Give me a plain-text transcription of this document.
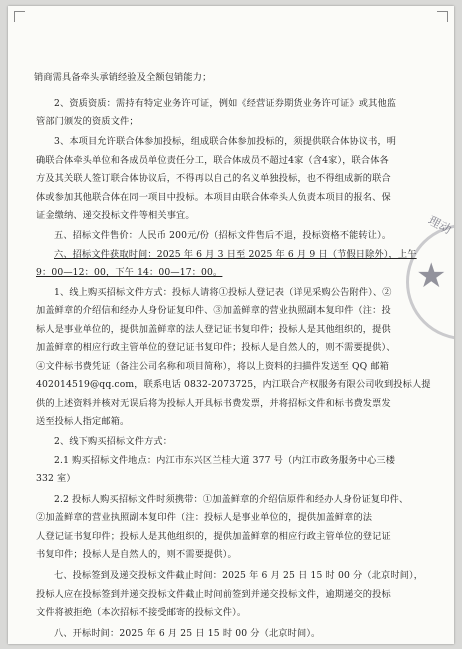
★
理动
销商需具备牵头承销经验及全额包销能力；
2、资质资质：需持有特定业务许可证，例如《经营证券期货业务许可证》或其他监
管部门颁发的资质文件；
3、本项目允许联合体参加投标，组成联合体参加投标的，须提供联合体协议书，明
确联合体牵头单位和各成员单位责任分工，联合体成员不超过4家（含4家），联合体各
方及其关联人签订联合体协议后，不得再以自己的名义单独投标，也不得组成新的联合
体或参加其他联合体在同一项目中投标。本项目由联合体牵头人负责本项目的报名、保
证金缴纳、递交投标文件等相关事宜。
五、招标文件售价：人民币 200元/份（招标文件售后不退，投标资格不能转让）。
六、招标文件获取时间：2025 年 6 月 3 日至 2025 年 6 月 9 日（节假日除外），上午
9：00—12：00，下午 14：00—17：00。
1、线上购买招标文件方式：投标人请将①投标人登记表（详见采购公告附件）、②
加盖鲜章的介绍信和经办人身份证复印件、③加盖鲜章的营业执照副本复印件（注：投
标人是事业单位的，提供加盖鲜章的法人登记证书复印件；投标人是其他组织的，提供
加盖鲜章的相应行政主管单位的登记证书复印件；投标人是自然人的，则不需要提供）、
④文件标书费凭证（备注公司名称和项目简称），将以上资料的扫描件发送至 QQ 邮箱
402014519@qq.com，联系电话 0832-2073725，内江联合产权服务有限公司收到投标人提
供的上述资料并核对无误后将为投标人开具标书费发票，并将招标文件和标书费发票发
送至投标人指定邮箱。
2、线下购买招标文件方式：
2.1 购买招标文件地点：内江市东兴区兰桂大道 377 号（内江市政务服务中心三楼
332 室）
2.2 投标人购买招标文件时须携带：①加盖鲜章的介绍信原件和经办人身份证复印件、
②加盖鲜章的营业执照副本复印件（注：投标人是事业单位的，提供加盖鲜章的法
人登记证书复印件；投标人是其他组织的，提供加盖鲜章的相应行政主管单位的登记证
书复印件；投标人是自然人的，则不需要提供）。
七、投标签到及递交投标文件截止时间：2025 年 6 月 25 日 15 时 00 分（北京时间），
投标人应在投标签到并递交投标文件截止时间前签到并递交投标文件，逾期递交的投标
文件将被拒绝（本次招标不接受邮寄的投标文件）。
八、开标时间：2025 年 6 月 25 日 15 时 00 分（北京时间）。
